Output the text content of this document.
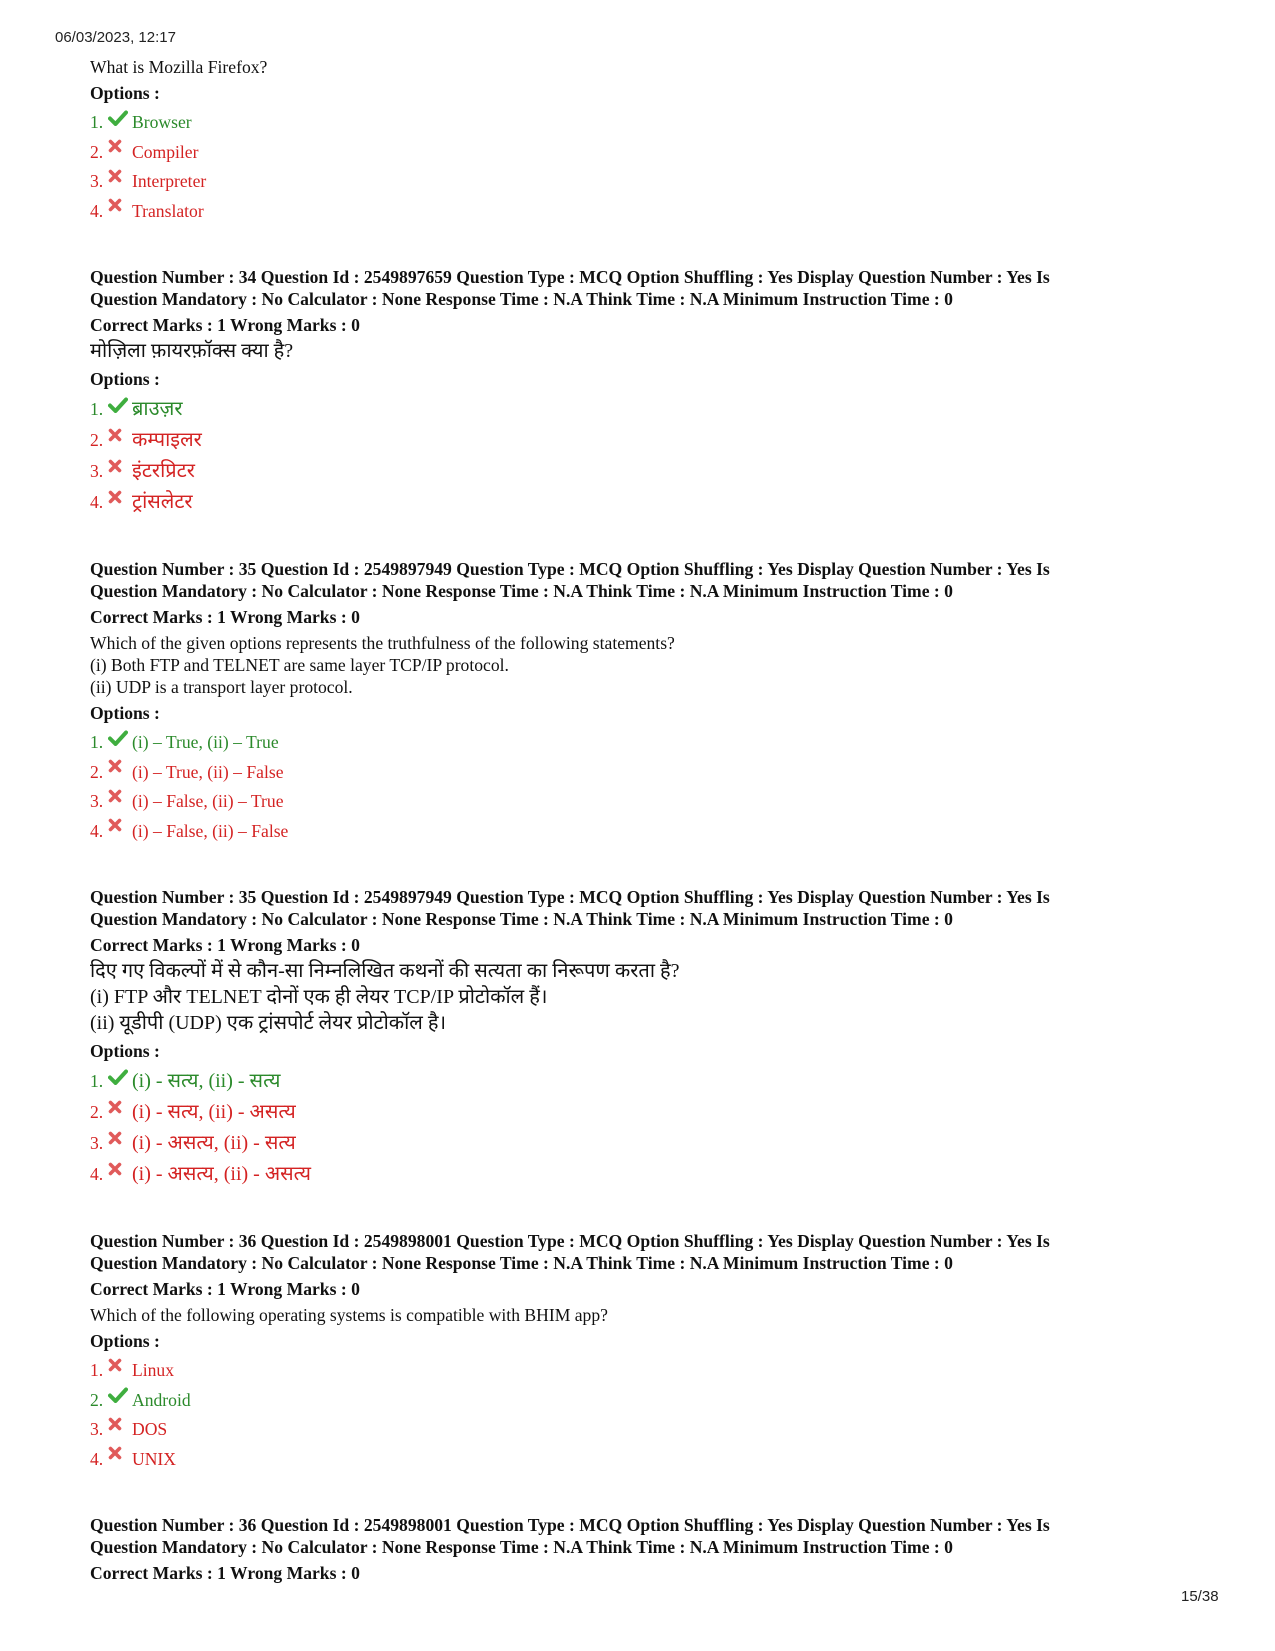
06/03/2023, 12:17
What is Mozilla Firefox?
Options :
1. Browser
2. Compiler
3. Interpreter
4. Translator
Question Number : 34 Question Id : 2549897659 Question Type : MCQ Option Shuffling : Yes Display Question Number : Yes Is
Question Mandatory : No Calculator : None Response Time : N.A Think Time : N.A Minimum Instruction Time : 0
Correct Marks : 1 Wrong Marks : 0
मोज़िला फ़ायरफ़ॉक्स क्या है?
Options :
1. ब्राउज़र
2. कम्पाइलर
3. इंटरप्रिटर
4. ट्रांसलेटर
Question Number : 35 Question Id : 2549897949 Question Type : MCQ Option Shuffling : Yes Display Question Number : Yes Is
Question Mandatory : No Calculator : None Response Time : N.A Think Time : N.A Minimum Instruction Time : 0
Correct Marks : 1 Wrong Marks : 0
Which of the given options represents the truthfulness of the following statements?
(i) Both FTP and TELNET are same layer TCP/IP protocol.
(ii) UDP is a transport layer protocol.
Options :
1. (i) – True, (ii) – True
2. (i) – True, (ii) – False
3. (i) – False, (ii) – True
4. (i) – False, (ii) – False
Question Number : 35 Question Id : 2549897949 Question Type : MCQ Option Shuffling : Yes Display Question Number : Yes Is
Question Mandatory : No Calculator : None Response Time : N.A Think Time : N.A Minimum Instruction Time : 0
Correct Marks : 1 Wrong Marks : 0
दिए गए विकल्पों में से कौन-सा निम्नलिखित कथनों की सत्यता का निरूपण करता है?
(i) FTP और TELNET दोनों एक ही लेयर TCP/IP प्रोटोकॉल हैं।
(ii) यूडीपी (UDP) एक ट्रांसपोर्ट लेयर प्रोटोकॉल है।
Options :
1. (i) - सत्य, (ii) - सत्य
2. (i) - सत्य, (ii) - असत्य
3. (i) - असत्य, (ii) - सत्य
4. (i) - असत्य, (ii) - असत्य
Question Number : 36 Question Id : 2549898001 Question Type : MCQ Option Shuffling : Yes Display Question Number : Yes Is
Question Mandatory : No Calculator : None Response Time : N.A Think Time : N.A Minimum Instruction Time : 0
Correct Marks : 1 Wrong Marks : 0
Which of the following operating systems is compatible with BHIM app?
Options :
1. Linux
2. Android
3. DOS
4. UNIX
Question Number : 36 Question Id : 2549898001 Question Type : MCQ Option Shuffling : Yes Display Question Number : Yes Is
Question Mandatory : No Calculator : None Response Time : N.A Think Time : N.A Minimum Instruction Time : 0
Correct Marks : 1 Wrong Marks : 0
15/38
